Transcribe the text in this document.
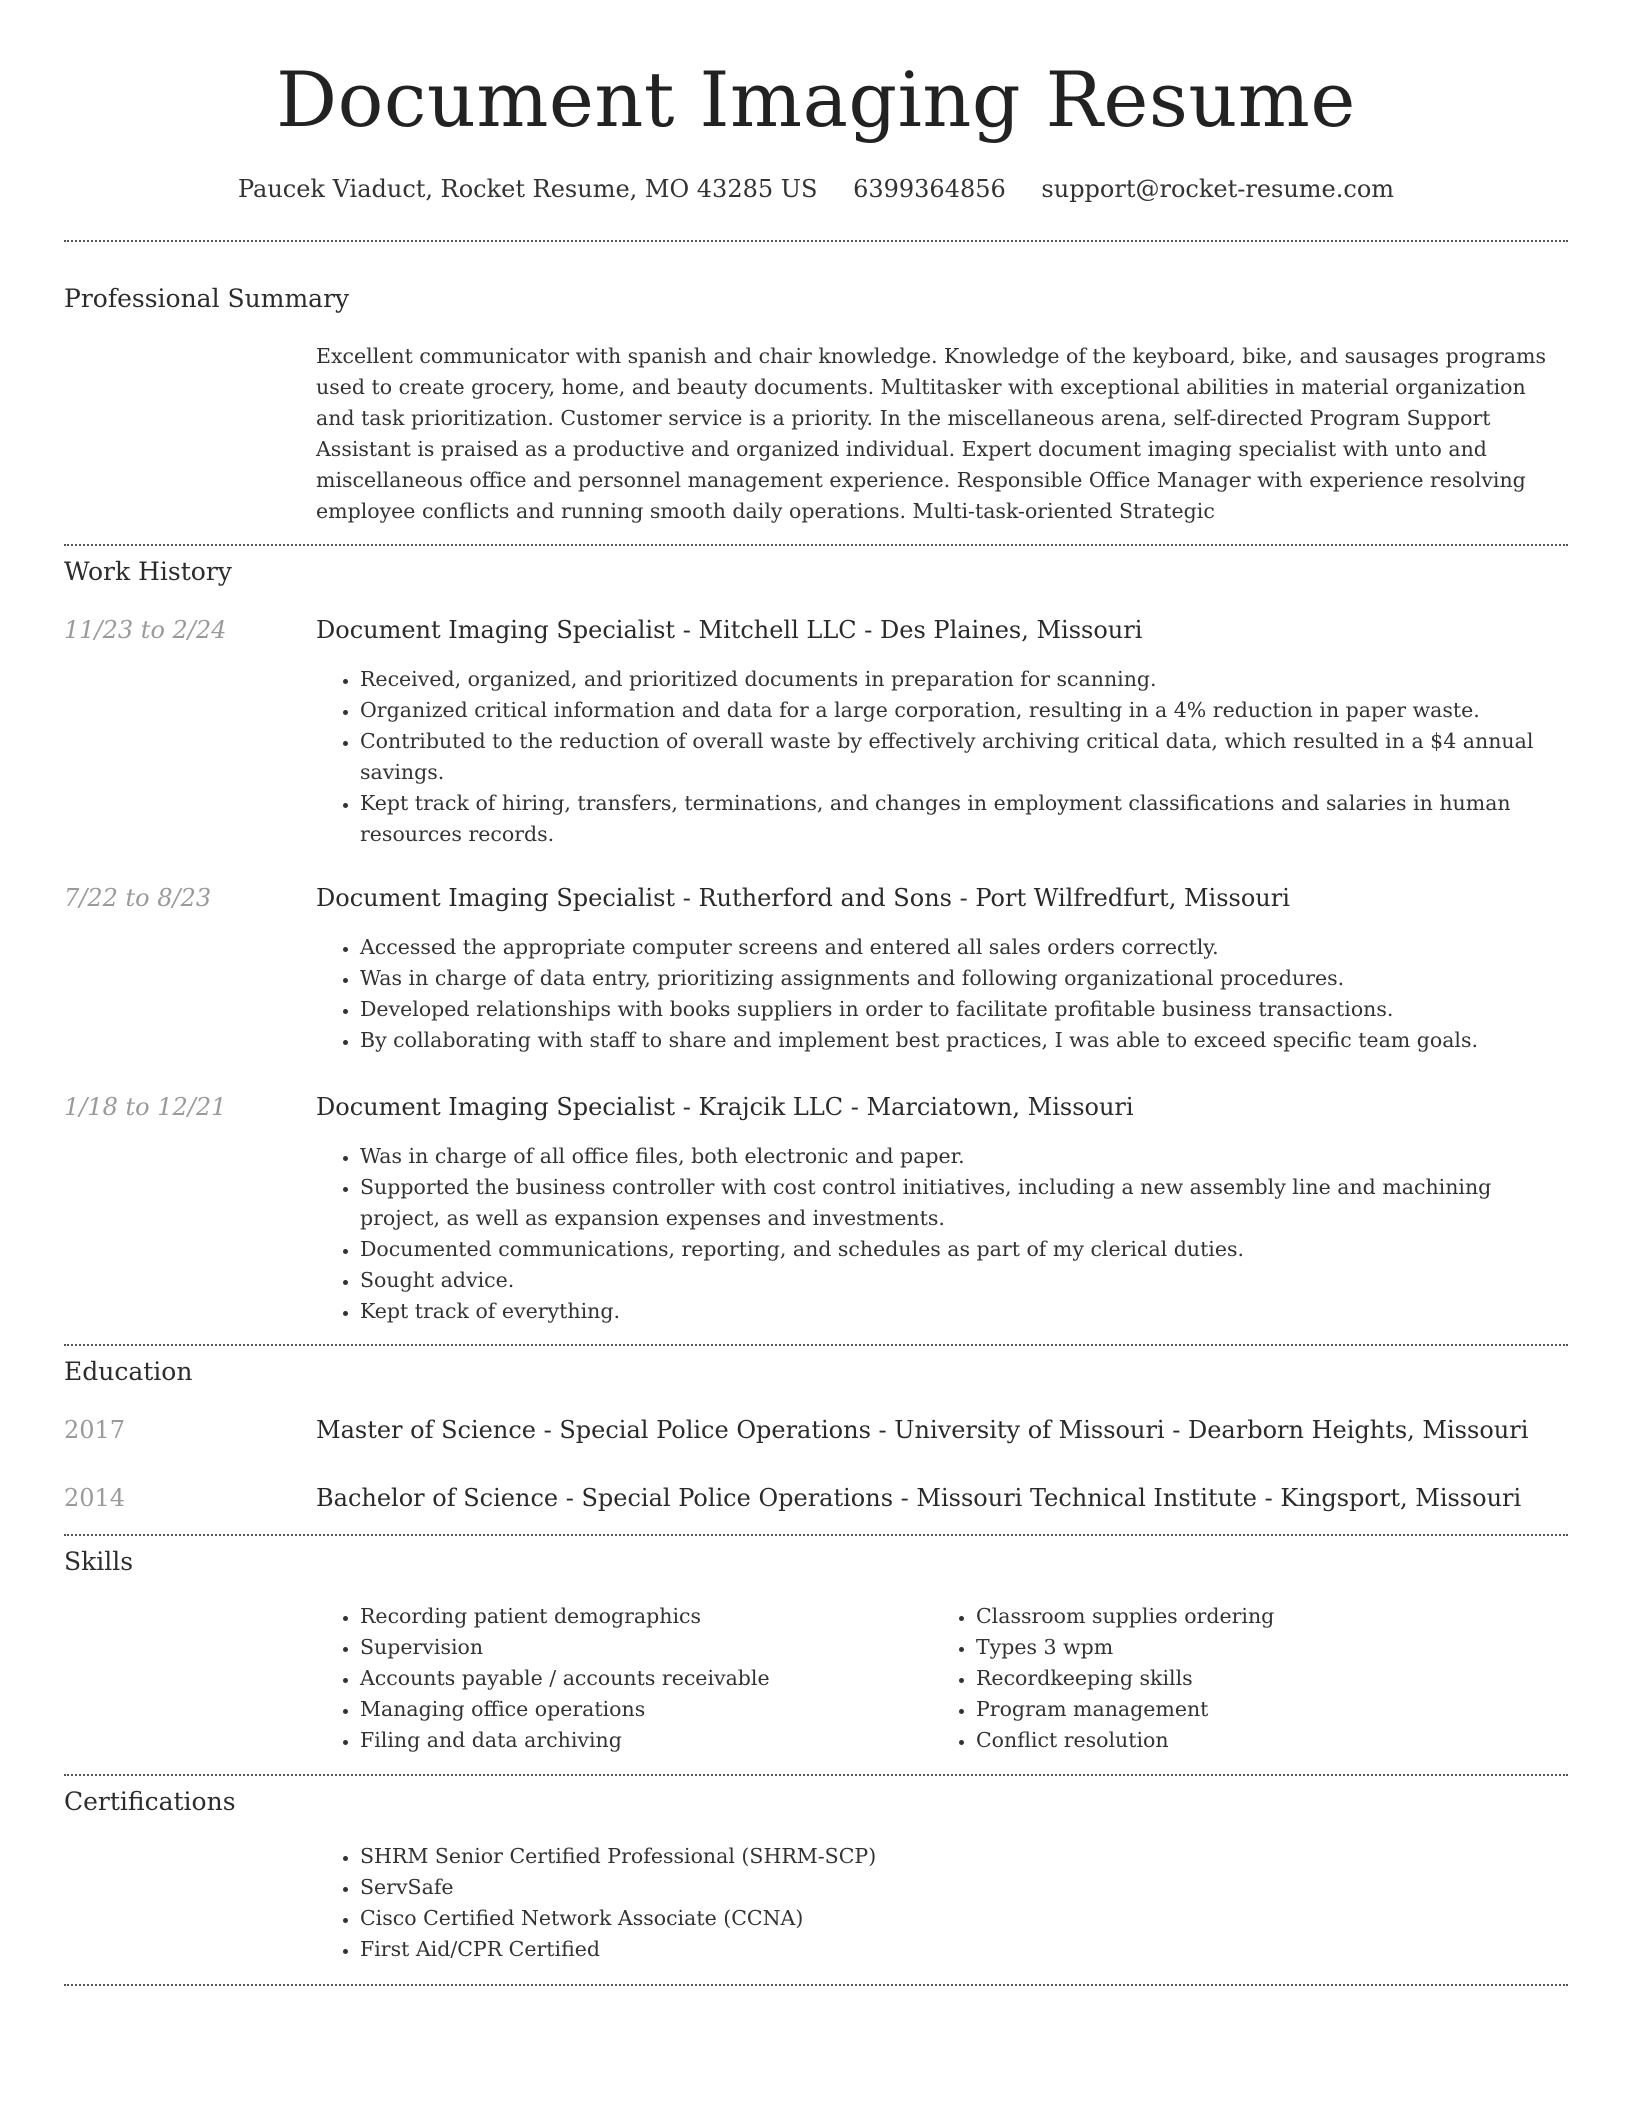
Document Imaging Resume
Paucek Viaduct, Rocket Resume, MO 43285 US 6399364856 support@rocket-resume.com
Professional Summary
Excellent communicator with spanish and chair knowledge. Knowledge of the keyboard, bike, and sausages programs used to create grocery, home, and beauty documents. Multitasker with exceptional abilities in material organization and task prioritization. Customer service is a priority. In the miscellaneous arena, self-directed Program Support Assistant is praised as a productive and organized individual. Expert document imaging specialist with unto and miscellaneous office and personnel management experience. Responsible Office Manager with experience resolving employee conflicts and running smooth daily operations. Multi-task-oriented Strategic
Work History
11/23 to 2/24	Document Imaging Specialist - Mitchell LLC - Des Plaines, Missouri
• Received, organized, and prioritized documents in preparation for scanning.
• Organized critical information and data for a large corporation, resulting in a 4% reduction in paper waste.
• Contributed to the reduction of overall waste by effectively archiving critical data, which resulted in a $4 annual savings.
• Kept track of hiring, transfers, terminations, and changes in employment classifications and salaries in human resources records.
7/22 to 8/23	Document Imaging Specialist - Rutherford and Sons - Port Wilfredfurt, Missouri
• Accessed the appropriate computer screens and entered all sales orders correctly.
• Was in charge of data entry, prioritizing assignments and following organizational procedures.
• Developed relationships with books suppliers in order to facilitate profitable business transactions.
• By collaborating with staff to share and implement best practices, I was able to exceed specific team goals.
1/18 to 12/21	Document Imaging Specialist - Krajcik LLC - Marciatown, Missouri
• Was in charge of all office files, both electronic and paper.
• Supported the business controller with cost control initiatives, including a new assembly line and machining project, as well as expansion expenses and investments.
• Documented communications, reporting, and schedules as part of my clerical duties.
• Sought advice.
• Kept track of everything.
Education
2017	Master of Science - Special Police Operations - University of Missouri - Dearborn Heights, Missouri
2014	Bachelor of Science - Special Police Operations - Missouri Technical Institute - Kingsport, Missouri
Skills
• Recording patient demographics
• Supervision
• Accounts payable / accounts receivable
• Managing office operations
• Filing and data archiving
• Classroom supplies ordering
• Types 3 wpm
• Recordkeeping skills
• Program management
• Conflict resolution
Certifications
• SHRM Senior Certified Professional (SHRM-SCP)
• ServSafe
• Cisco Certified Network Associate (CCNA)
• First Aid/CPR Certified
